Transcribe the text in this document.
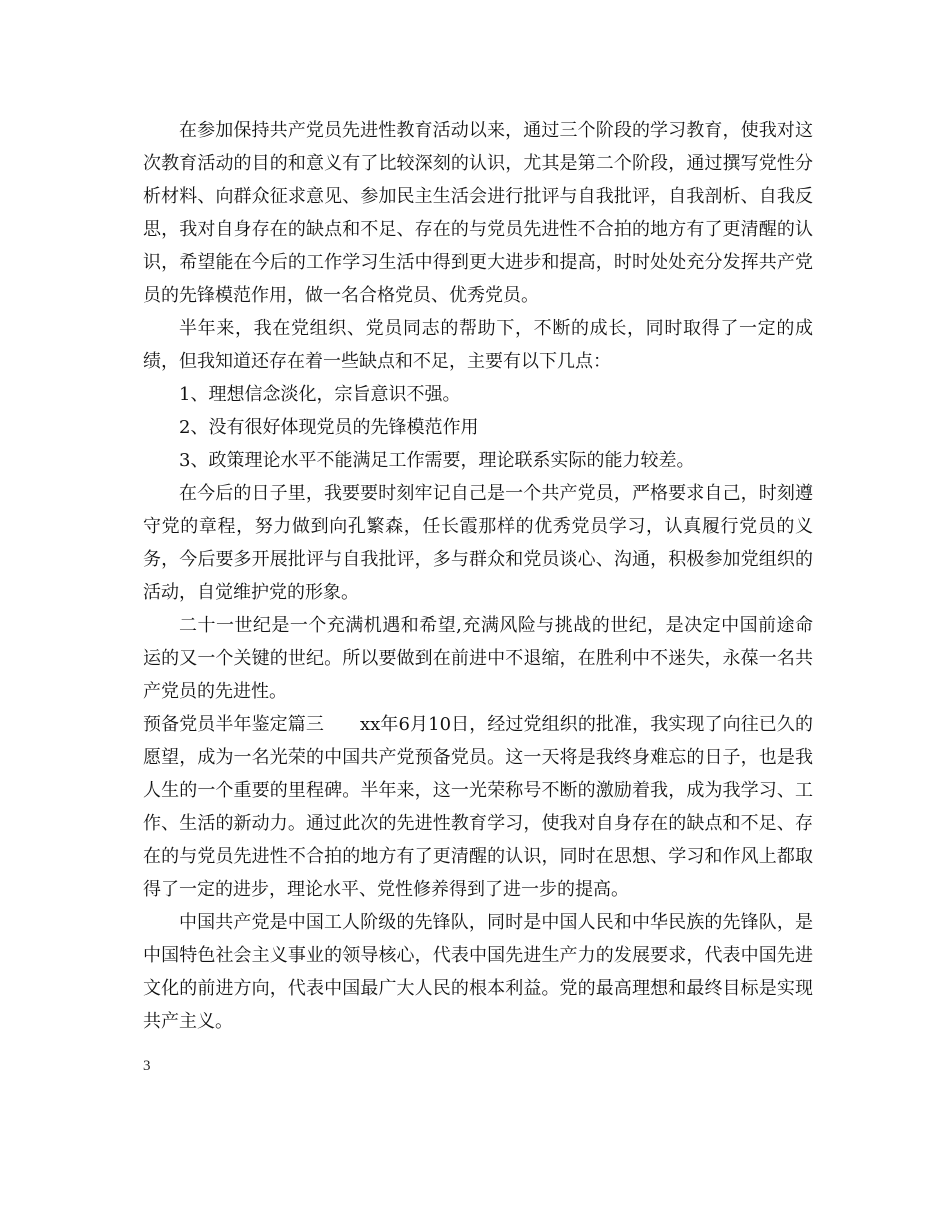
在参加保持共产党员先进性教育活动以来，通过三个阶段的学习教育，使我对这次教育活动的目的和意义有了比较深刻的认识，尤其是第二个阶段，通过撰写党性分析材料、向群众征求意见、参加民主生活会进行批评与自我批评，自我剖析、自我反思，我对自身存在的缺点和不足、存在的与党员先进性不合拍的地方有了更清醒的认识，希望能在今后的工作学习生活中得到更大进步和提高，时时处处充分发挥共产党员的先锋模范作用，做一名合格党员、优秀党员。

半年来，我在党组织、党员同志的帮助下，不断的成长，同时取得了一定的成绩，但我知道还存在着一些缺点和不足，主要有以下几点：

1、理想信念淡化，宗旨意识不强。

2、没有很好体现党员的先锋模范作用

3、政策理论水平不能满足工作需要，理论联系实际的能力较差。

在今后的日子里，我要要时刻牢记自己是一个共产党员，严格要求自己，时刻遵守党的章程，努力做到向孔繁森，任长霞那样的优秀党员学习，认真履行党员的义务，今后要多开展批评与自我批评，多与群众和党员谈心、沟通，积极参加党组织的活动，自觉维护党的形象。

二十一世纪是一个充满机遇和希望,充满风险与挑战的世纪，是决定中国前途命运的又一个关键的世纪。所以要做到在前进中不退缩，在胜利中不迷失，永葆一名共产党员的先进性。

预备党员半年鉴定篇三 xx年6月10日，经过党组织的批准，我实现了向往已久的愿望，成为一名光荣的中国共产党预备党员。这一天将是我终身难忘的日子，也是我人生的一个重要的里程碑。半年来，这一光荣称号不断的激励着我，成为我学习、工作、生活的新动力。通过此次的先进性教育学习，使我对自身存在的缺点和不足、存在的与党员先进性不合拍的地方有了更清醒的认识，同时在思想、学习和作风上都取得了一定的进步，理论水平、党性修养得到了进一步的提高。

中国共产党是中国工人阶级的先锋队，同时是中国人民和中华民族的先锋队，是中国特色社会主义事业的领导核心，代表中国先进生产力的发展要求，代表中国先进文化的前进方向，代表中国最广大人民的根本利益。党的最高理想和最终目标是实现共产主义。

3
